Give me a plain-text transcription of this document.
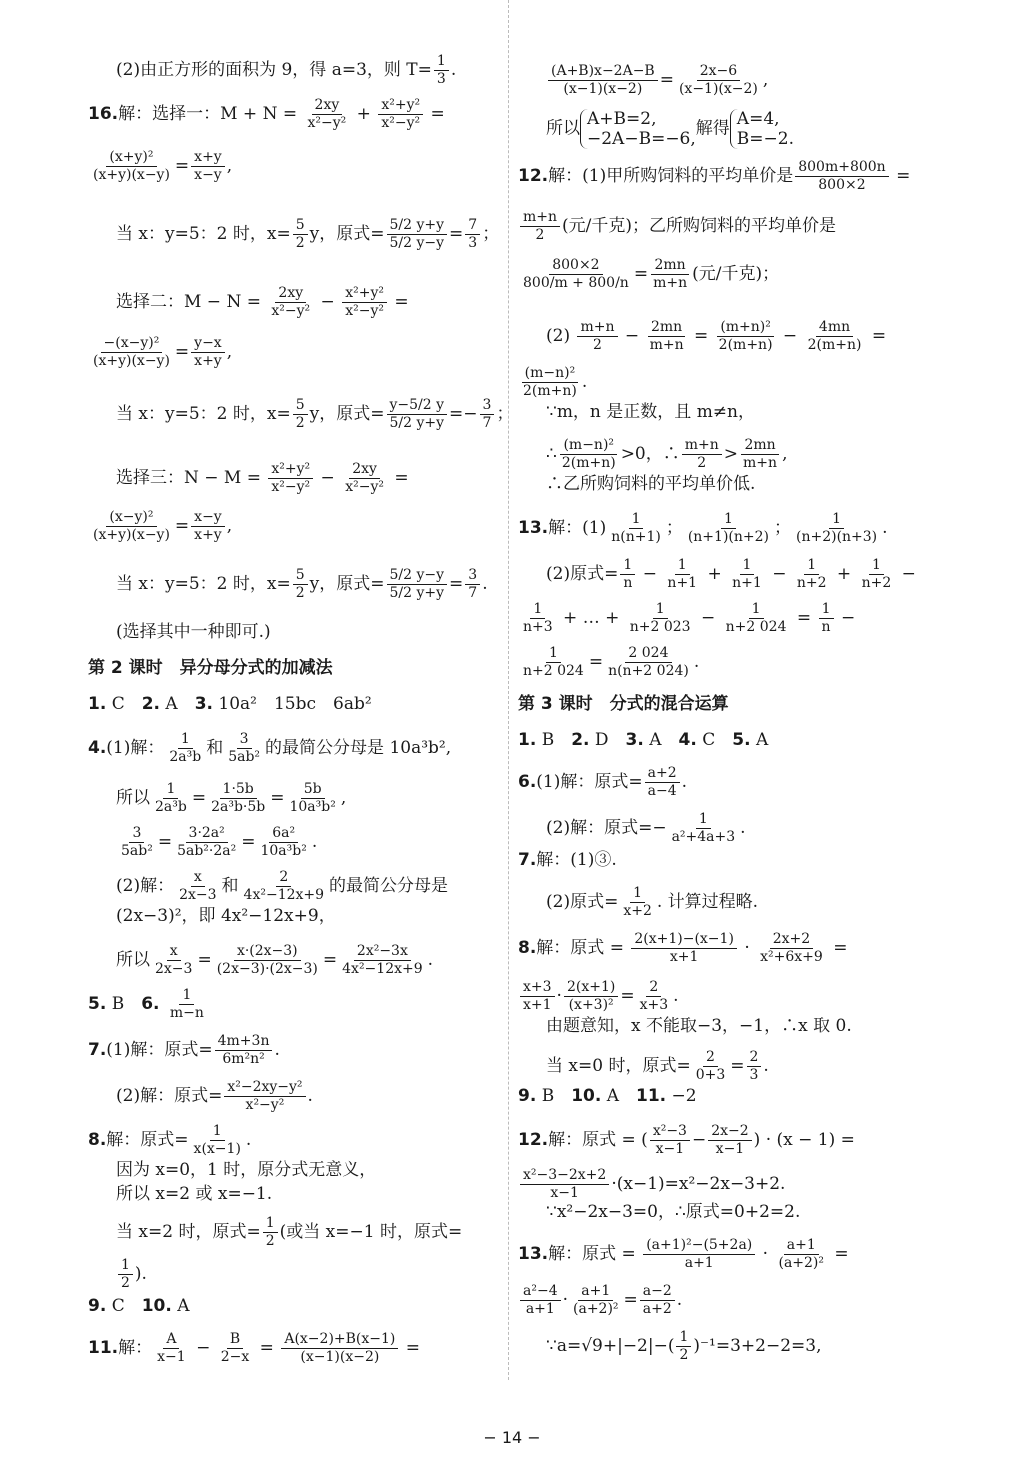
(2)由正方形的面积为 9，得 a=3，则 $T= \frac{1}{3}$ .
16.解：选择一：$M + N = \frac{2xy}{\text{x²−y²}} + \frac{\text{x²+y²}}{\text{x²−y²}}$ =
$\frac{\text{(x+y)²}}{(x+y)(x-y)} = \frac{x+y}{x-y}$ ,
当 x：y=5：2 时，$x= \frac{5}{2}$ y，原式= $\frac{5/2 y+y}{5/2 y-y} = \frac{7}{3}$ ；
选择二：$M - N = \frac{2xy}{\text{x²−y²}} - \frac{\text{x²+y²}}{\text{x²−y²}}$ =
$\frac{\text{−(x−y)²}}{(x+y)(x-y)} = \frac{y-x}{x+y}$ ,
当 x：y=5：2 时，$x= \frac{5}{2}$ y，原式= $\frac{y-5/2 y}{5/2 y+y} =- \frac{3}{7}$ ；
选择三：$N - M = \frac{\text{x²+y²}}{\text{x²−y²}} - \frac{2xy}{\text{x²−y²}}$ =
$\frac{\text{(x−y)²}}{(x+y)(x-y)} = \frac{x-y}{x+y}$ ,
当 x：y=5：2 时，$x= \frac{5}{2}$ y，原式= $\frac{5/2 y-y}{5/2 y+y} = \frac{3}{7}$ .
(选择其中一种即可.)
第 2 课时　异分母分式的加减法
1. C　2. A　3. 10a²　15bc　6ab²
4.(1)解： $\frac{1}{\text{2a³b}}$ 和 $\frac{3}{\text{5ab²}}$ 的最简公分母是 10a³b²,
所以 $\frac{1}{\text{2a³b}} = \frac{1\cdot 5b}{\text{2a³b·5b}} = \frac{5b}{\text{10a³b²}}$ ,
$\frac{3}{\text{5ab²}} = \frac{\text{3·2a²}}{\text{5ab²·2a²}} = \frac{\text{6a²}}{\text{10a³b²}}$ .
(2)解： $\frac{x}{2x-3}$ 和 $\frac{2}{\text{4x²−12x+9}}$ 的最简公分母是
(2x−3)²，即 4x²−12x+9，
所以 $\frac{x}{2x-3} = \frac{x\cdot(2x-3)}{(2x-3)\cdot(2x-3)} = \frac{\text{2x²−3x}}{\text{4x²−12x+9}}$ .
5. B　6. $\frac{1}{m-n}$
7.(1)解：原式= $\frac{4m+3n}{\text{6m²n²}}$ .
(2)解：原式= $\frac{\text{x²−2xy−y²}}{\text{x²−y²}}$ .
8.解：原式= $\frac{1}{x(x-1)}$ .
因为 x=0，1 时，原分式无意义，
所以 x=2 或 x=−1.
当 x=2 时，原式= $\frac{1}{2}$ (或当 x=−1 时，原式=
$\frac{1}{2}$ ).
9. C　10. A
11.解： $\frac{A}{x-1} - \frac{B}{2-x} = \frac{A(x-2)+B(x-1)}{(x-1)(x-2)}$ =
$\frac{(A+B)x-2A-B}{(x-1)(x-2)} = \frac{2x-6}{(x-1)(x-2)}$ ,
所以 A+B=2,
−2A−B=−6,
解得 A=4,
B=−2.
12.解：(1)甲所购饲料的平均单价是 $\frac{800m+800n}{800\times 2}$ =
$\frac{m+n}{2}$ (元/千克)；乙所购饲料的平均单价是
$\frac{800\times 2}{800/m + 800/n} = \frac{2mn}{m+n}$ (元/千克)；
$(2) \frac{m+n}{2} - \frac{2mn}{m+n} = \frac{\text{(m+n)²}}{2(m+n)} - \frac{4mn}{2(m+n)}$ =
$\frac{\text{(m−n)²}}{2(m+n)}$ .
∵m，n 是正数，且 m≠n，
∴ $\frac{\text{(m−n)²}}{2(m+n)} >0$，∴ $\frac{m+n}{2} > \frac{2mn}{m+n}$ ,
∴乙所购饲料的平均单价低.
13.解：$(1) \frac{1}{n(n+1)}$ ； $\frac{1}{(n+1)(n+2)}$ ； $\frac{1}{(n+2)(n+3)}$ .
(2)原式= $\frac{1}{n} - \frac{1}{n+1} + \frac{1}{n+1} - \frac{1}{n+2} + \frac{1}{n+2}$ −
$\frac{1}{n+3}$ + … + $\frac{1}{n+2 023} - \frac{1}{n+2 024} = \frac{1}{n}$ −
$\frac{1}{n+2 024} = \frac{2 024}{n(n+2 024)}$ .
第 3 课时　分式的混合运算
1. B　2. D　3. A　4. C　5. A
6.(1)解：原式= $\frac{a+2}{a-4}$ .
(2)解：原式=− $\frac{1}{\text{a²+4a+3}}$ .
7.解：(1)③.
(2)原式= $\frac{1}{x+2}$ . 计算过程略.
8.解：原式 = $\frac{2(x+1)-(x-1)}{x+1} \cdot \frac{2x+2}{\text{x²+6x+9}}$ =
$\frac{x+3}{x+1} \cdot \frac{2(x+1)}{\text{(x+3)²}} = \frac{2}{x+3}$ .
由题意知，x 不能取−3，−1，∴x 取 0.
当 x=0 时，原式= $\frac{2}{0+3} = \frac{2}{3}$ .
9. B　10. A　11. −2
12.解：原式 = ( $\frac{\text{x²−3}}{x-1} - \frac{2x-2}{x-1}$ ) · (x − 1) =
$\frac{\text{x²−3−2x+2}}{x-1} \cdot(x-1)=x^2-2x-3+2$.
∵x²−2x−3=0，∴原式=0+2=2.
13.解：原式 = $\frac{\text{(a+1)²−(5+2a)}}{a+1} \cdot \frac{a+1}{\text{(a+2)²}}$ =
$\frac{\text{a²−4}}{a+1} \cdot \frac{a+1}{\text{(a+2)²}} = \frac{a-2}{a+2}$ .
∵a=√9+|−2|−( $\frac{1}{2} )^{-1}=3+2-2=3$,
− 14 −
